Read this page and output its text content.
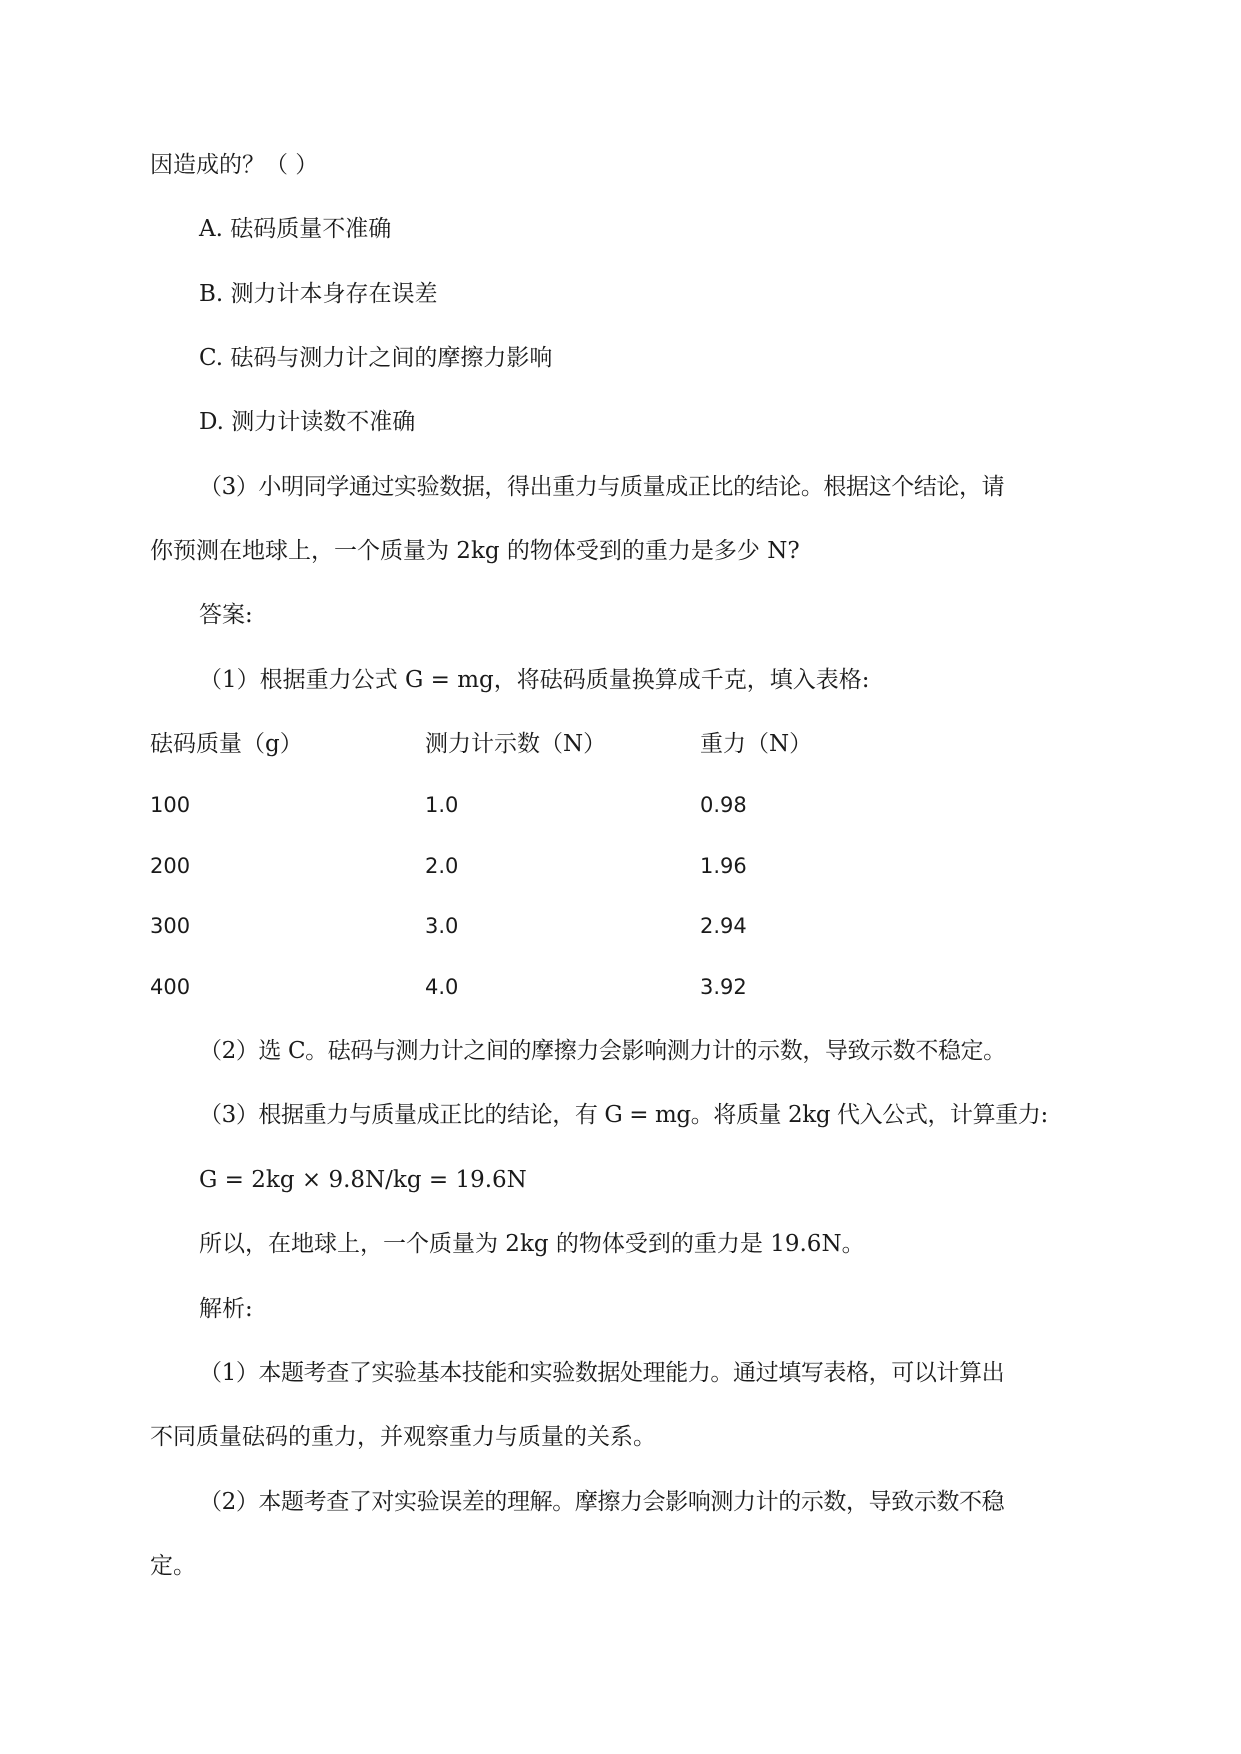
因造成的？（ ）
A. 砝码质量不准确
B. 测力计本身存在误差
C. 砝码与测力计之间的摩擦力影响
D. 测力计读数不准确
（3）小明同学通过实验数据，得出重力与质量成正比的结论。根据这个结论，请
你预测在地球上，一个质量为 2kg 的物体受到的重力是多少 N?
答案:
（1）根据重力公式 G = mg，将砝码质量换算成千克，填入表格:
砝码质量（g）	测力计示数（N）	重力（N）
100	1.0	0.98
200	2.0	1.96
300	3.0	2.94
400	4.0	3.92
（2）选 C。砝码与测力计之间的摩擦力会影响测力计的示数，导致示数不稳定。
（3）根据重力与质量成正比的结论，有 G = mg。将质量 2kg 代入公式，计算重力:
G = 2kg × 9.8N/kg = 19.6N
所以，在地球上，一个质量为 2kg 的物体受到的重力是 19.6N。
解析:
（1）本题考查了实验基本技能和实验数据处理能力。通过填写表格，可以计算出
不同质量砝码的重力，并观察重力与质量的关系。
（2）本题考查了对实验误差的理解。摩擦力会影响测力计的示数，导致示数不稳
定。
